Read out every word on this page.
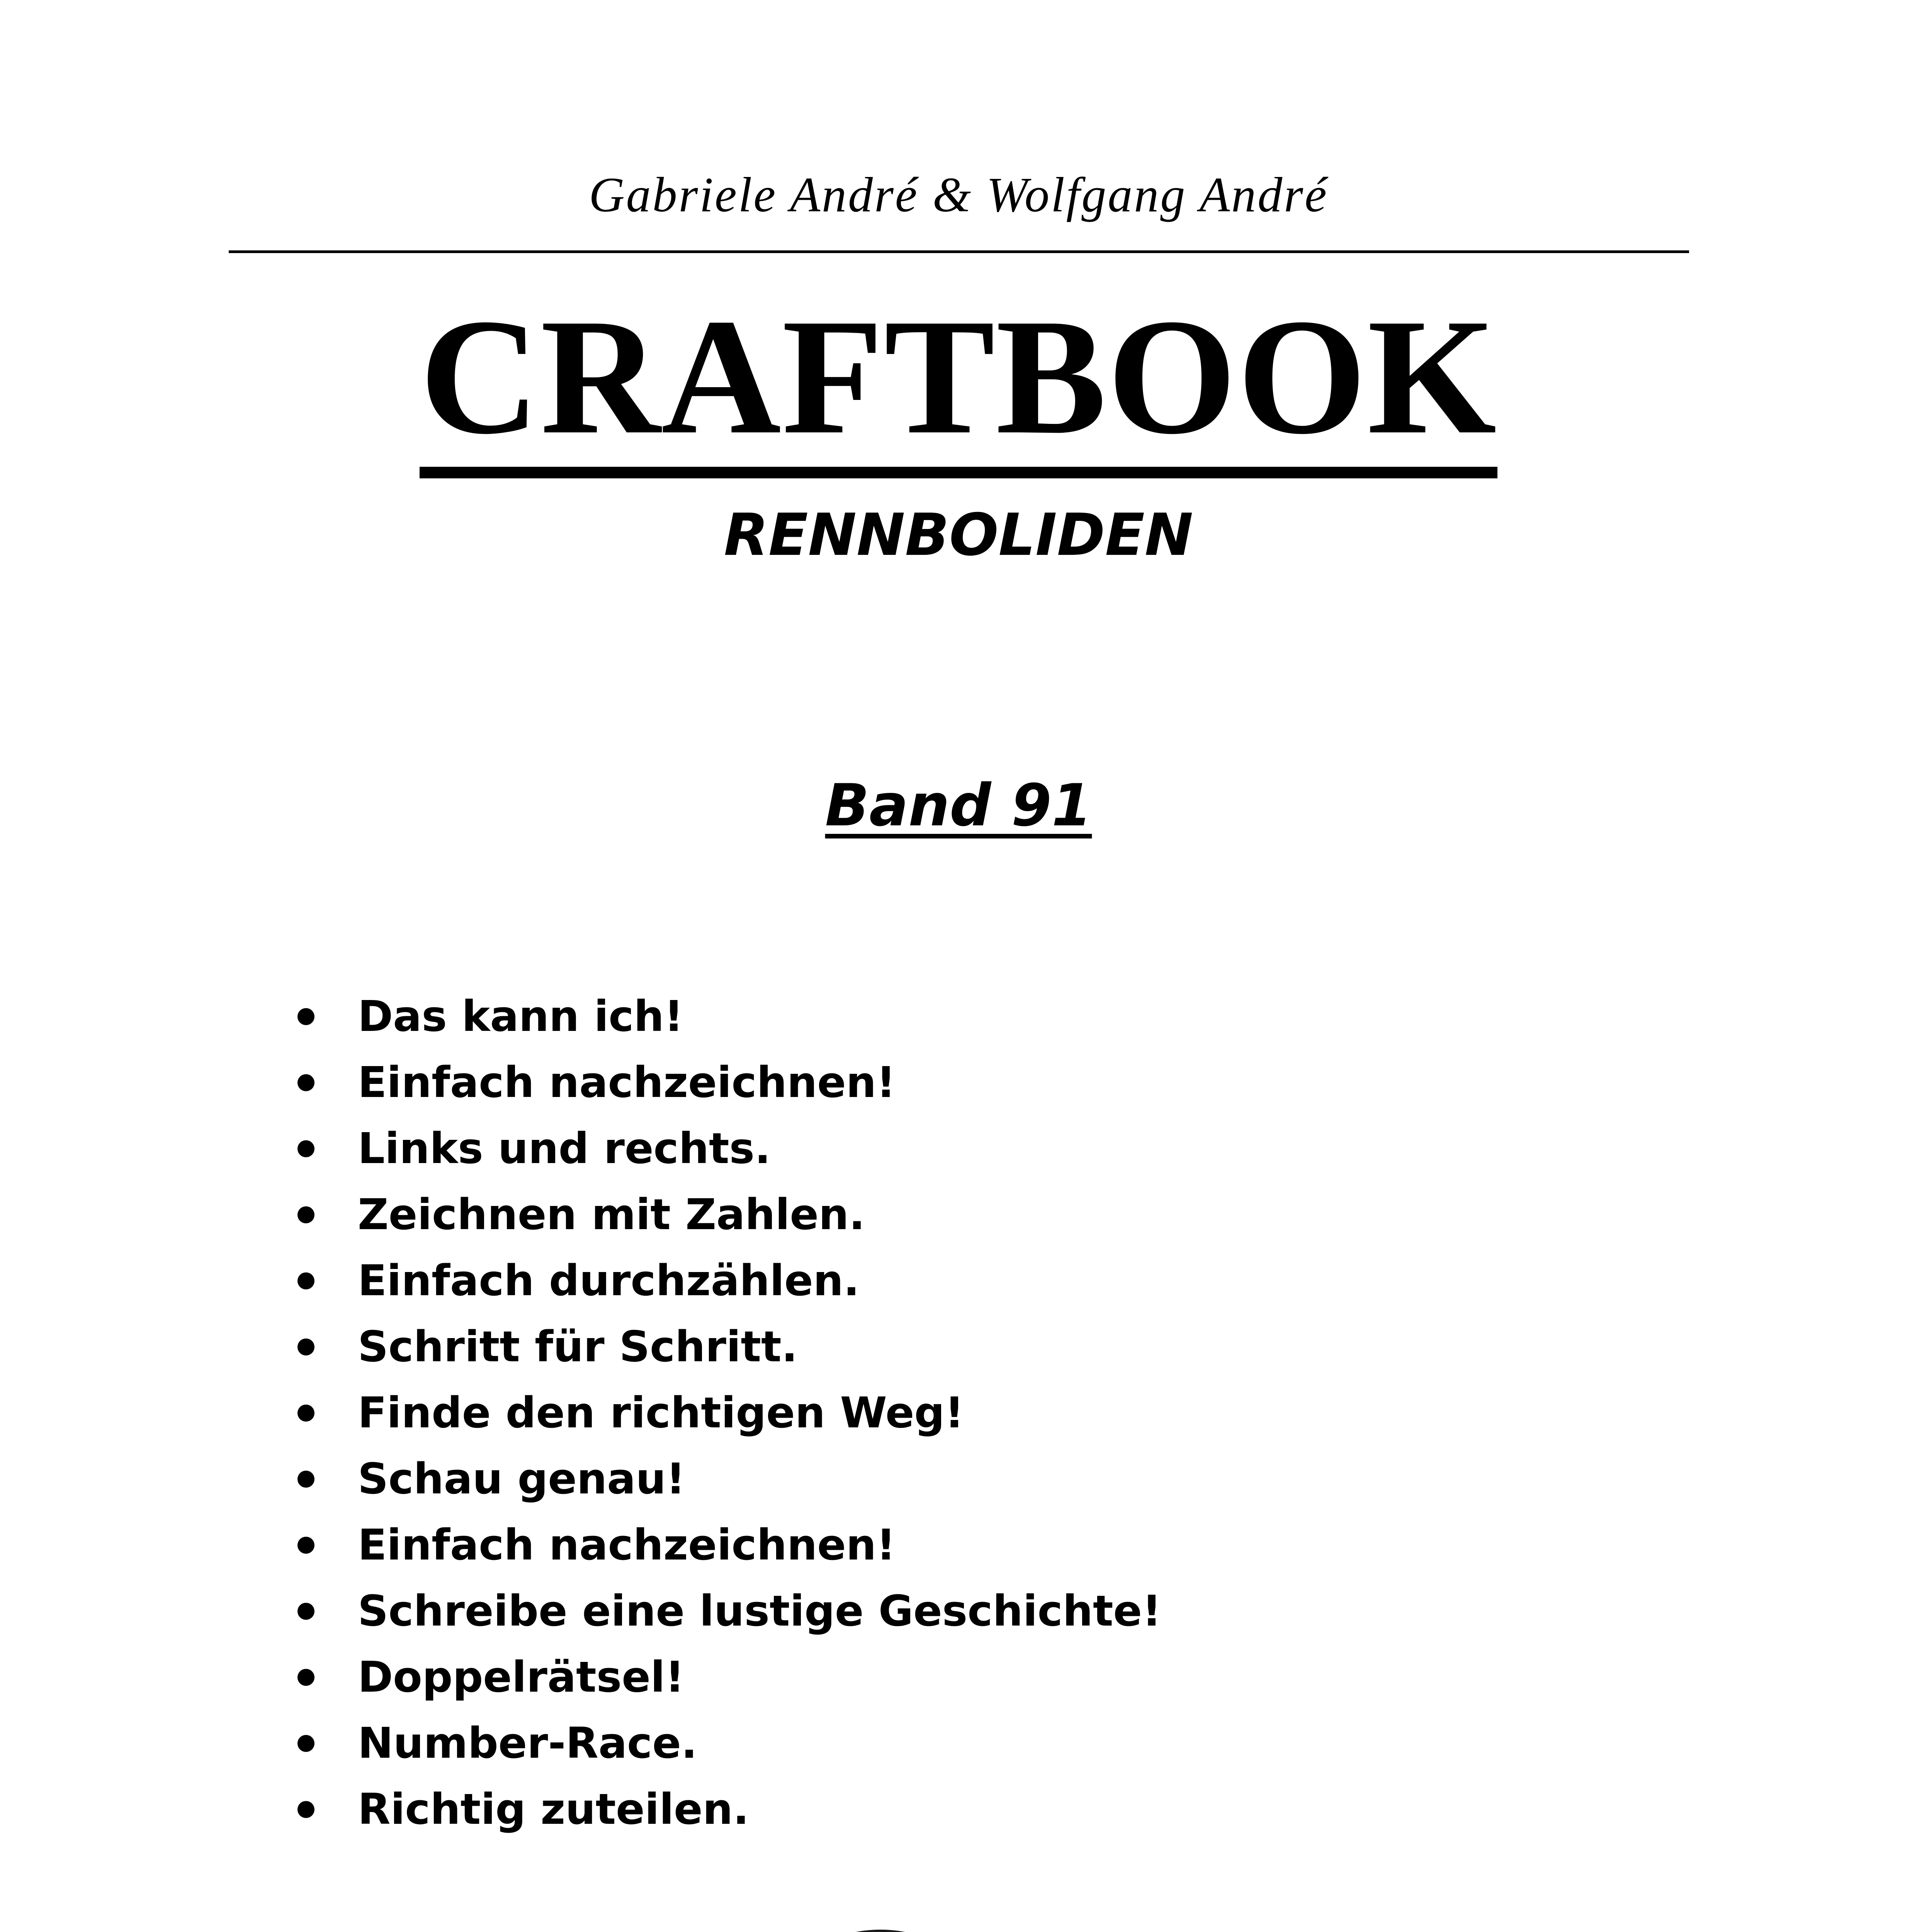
Gabriele André & Wolfgang André
CRAFTBOOK
RENNBOLIDEN
Band 91
Das kann ich!
Einfach nachzeichnen!
Links und rechts.
Zeichnen mit Zahlen.
Einfach durchzählen.
Schritt für Schritt.
Finde den richtigen Weg!
Schau genau!
Einfach nachzeichnen!
Schreibe eine lustige Geschichte!
Doppelrätsel!
Number-Race.
Richtig zuteilen.
